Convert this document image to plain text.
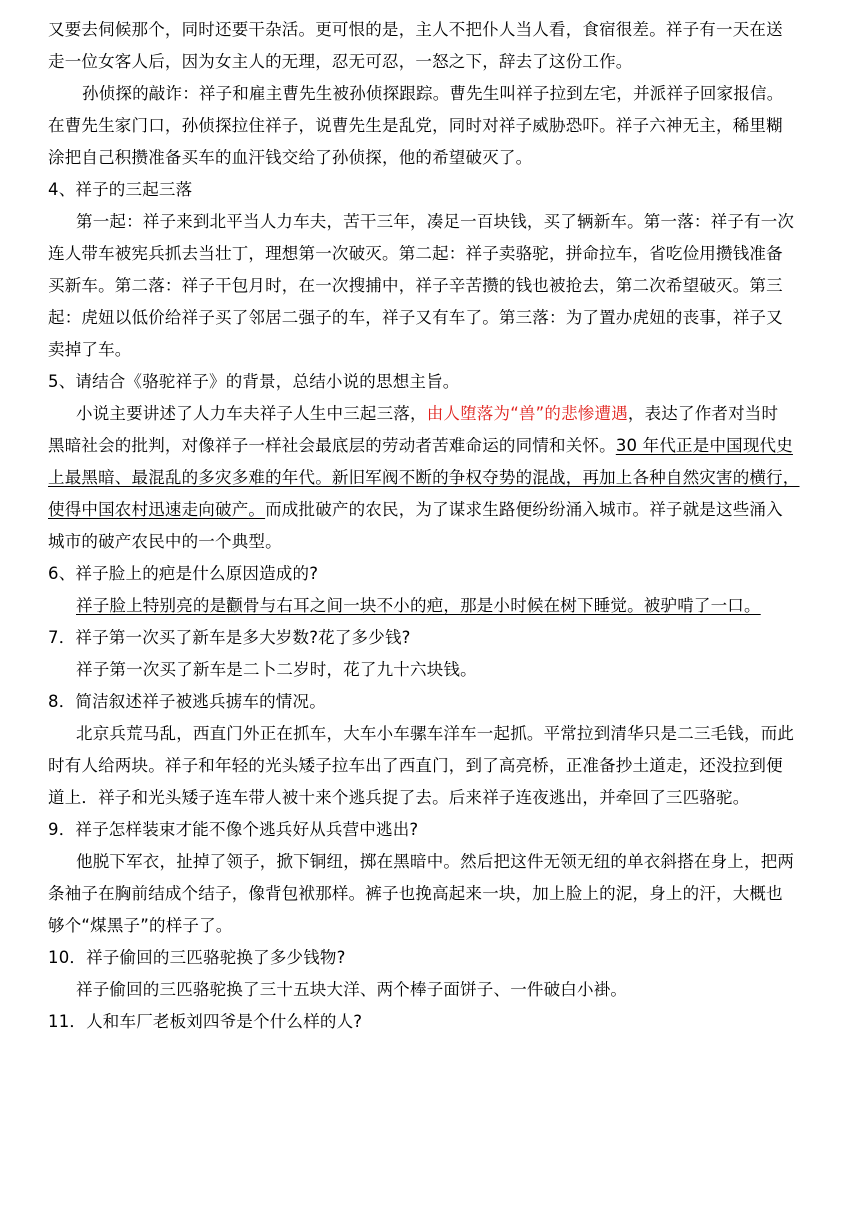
又要去伺候那个，同时还要干杂活。更可恨的是，主人不把仆人当人看，食宿很差。祥子有一天在送
走一位女客人后，因为女主人的无理，忍无可忍，一怒之下，辞去了这份工作。
孙侦探的敲诈：祥子和雇主曹先生被孙侦探跟踪。曹先生叫祥子拉到左宅，并派祥子回家报信。
在曹先生家门口，孙侦探拉住祥子，说曹先生是乱党，同时对祥子威胁恐吓。祥子六神无主，稀里糊
涂把自己积攒准备买车的血汗钱交给了孙侦探，他的希望破灭了。
4、祥子的三起三落
第一起：祥子来到北平当人力车夫，苦干三年，凑足一百块钱，买了辆新车。第一落：祥子有一次
连人带车被宪兵抓去当壮丁，理想第一次破灭。第二起：祥子卖骆驼，拼命拉车，省吃俭用攒钱准备
买新车。第二落：祥子干包月时，在一次搜捕中，祥子辛苦攒的钱也被抢去，第二次希望破灭。第三
起：虎妞以低价给祥子买了邻居二强子的车，祥子又有车了。第三落：为了置办虎妞的丧事，祥子又
卖掉了车。
5、请结合《骆驼祥子》的背景，总结小说的思想主旨。
小说主要讲述了人力车夫祥子人生中三起三落，由人堕落为“兽”的悲惨遭遇，表达了作者对当时
黑暗社会的批判，对像祥子一样社会最底层的劳动者苦难命运的同情和关怀。30 年代正是中国现代史
上最黑暗、最混乱的多灾多难的年代。新旧军阀不断的争权夺势的混战，再加上各种自然灾害的横行，
使得中国农村迅速走向破产。而成批破产的农民，为了谋求生路便纷纷涌入城市。祥子就是这些涌入
城市的破产农民中的一个典型。
6、祥子脸上的疤是什么原因造成的?
祥子脸上特别亮的是颧骨与右耳之间一块不小的疤，那是小时候在树下睡觉。被驴啃了一口。
7．祥子第一次买了新车是多大岁数?花了多少钱?
祥子第一次买了新车是二卜二岁时，花了九十六块钱。
8．简洁叙述祥子被逃兵掳车的情况。
北京兵荒马乱，西直门外正在抓车，大车小车骡车洋车一起抓。平常拉到清华只是二三毛钱，而此
时有人给两块。祥子和年轻的光头矮子拉车出了西直门，到了高亮桥，正准备抄土道走，还没拉到便
道上．祥子和光头矮子连车带人被十来个逃兵捉了去。后来祥子连夜逃出，并牵回了三匹骆驼。
9．祥子怎样装束才能不像个逃兵好从兵营中逃出?
他脱下军衣，扯掉了领子，掀下铜纽，掷在黑暗中。然后把这件无领无纽的单衣斜搭在身上，把两
条袖子在胸前结成个结子，像背包袱那样。裤子也挽高起来一块，加上脸上的泥，身上的汗，大概也
够个“煤黑子”的样子了。
10．祥子偷回的三匹骆驼换了多少钱物?
祥子偷回的三匹骆驼换了三十五块大洋、两个棒子面饼子、一件破白小褂。
11．人和车厂老板刘四爷是个什么样的人?
